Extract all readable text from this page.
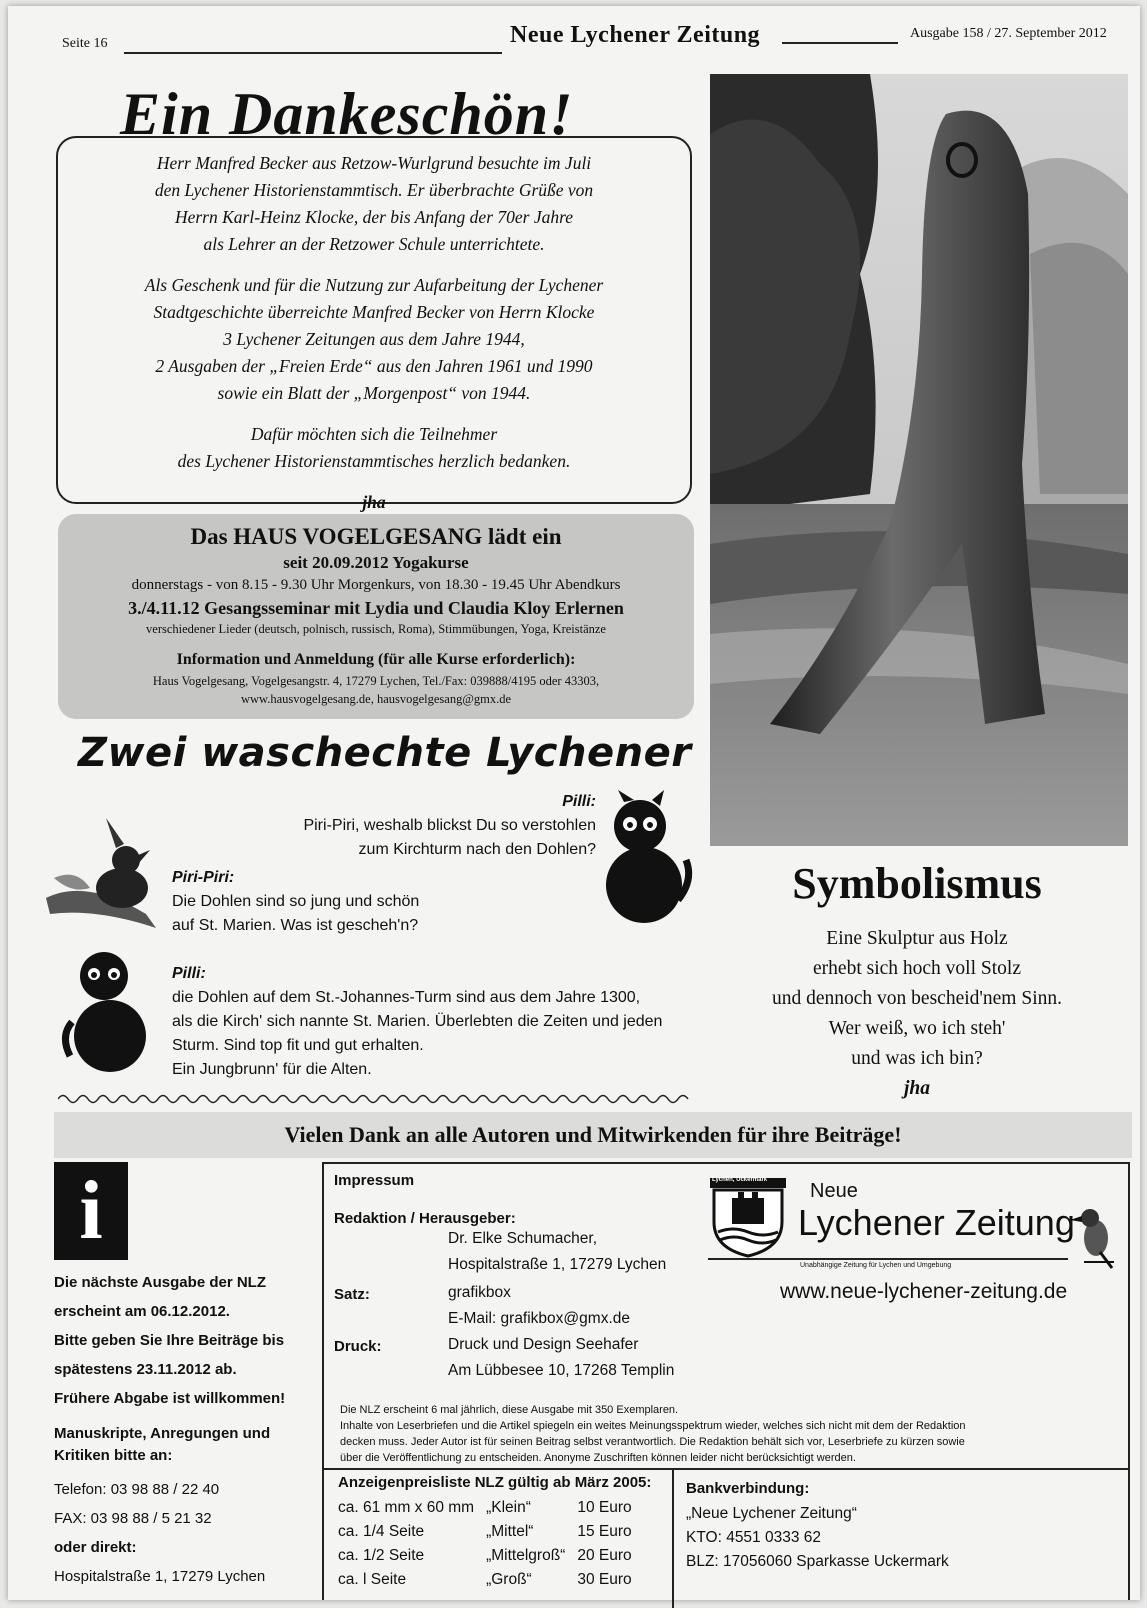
Seite 16	Neue Lychener Zeitung	Ausgabe 158 / 27. September 2012
Ein Dankeschön!

Herr Manfred Becker aus Retzow-Wurlgrund besuchte im Juli
den Lychener Historienstammtisch. Er überbrachte Grüße von
Herrn Karl-Heinz Klocke, der bis Anfang der 70er Jahre
als Lehrer an der Retzower Schule unterrichtete.

Als Geschenk und für die Nutzung zur Aufarbeitung der Lychener
Stadtgeschichte überreichte Manfred Becker von Herrn Klocke
3 Lychener Zeitungen aus dem Jahre 1944,
2 Ausgaben der „Freien Erde“ aus den Jahren 1961 und 1990
sowie ein Blatt der „Morgenpost“ von 1944.

Dafür möchten sich die Teilnehmer
des Lychener Historienstammtisches herzlich bedanken.

jha

Das HAUS VOGELGESANG lädt ein
seit 20.09.2012 Yogakurse
donnerstags - von 8.15 - 9.30 Uhr Morgenkurs, von 18.30 - 19.45 Uhr Abendkurs
3./4.11.12 Gesangsseminar mit Lydia und Claudia Kloy Erlernen
verschiedener Lieder (deutsch, polnisch, russisch, Roma), Stimmübungen, Yoga, Kreistänze
Information und Anmeldung (für alle Kurse erforderlich):
Haus Vogelgesang, Vogelgesangstr. 4, 17279 Lychen, Tel./Fax: 039888/4195 oder 43303,
www.hausvogelgesang.de, hausvogelgesang@gmx.de
Zwei waschechte Lychener
Pilli:
Piri-Piri, weshalb blickst Du so verstohlen
zum Kirchturm nach den Dohlen?
Piri-Piri:
Die Dohlen sind so jung und schön
auf St. Marien. Was ist gescheh'n?
Pilli:
die Dohlen auf dem St.-Johannes-Turm sind aus dem Jahre 1300,
als die Kirch' sich nannte St. Marien. Überlebten die Zeiten und jeden
Sturm. Sind top fit und gut erhalten.
Ein Jungbrunn' für die Alten.
Symbolismus
Eine Skulptur aus Holz
erhebt sich hoch voll Stolz
und dennoch von bescheid'nem Sinn.
Wer weiß, wo ich steh'
und was ich bin?
jha
Vielen Dank an alle Autoren und Mitwirkenden für ihre Beiträge!
i

Die nächste Ausgabe der NLZ
erscheint am 06.12.2012.
Bitte geben Sie Ihre Beiträge bis
spätestens 23.11.2012 ab.
Frühere Abgabe ist willkommen!

Manuskripte, Anregungen und
Kritiken bitte an:

Telefon: 03 98 88 / 22 40
FAX: 03 98 88 / 5 21 32
oder direkt:
Hospitalstraße 1, 17279 Lychen
Impressum
Redaktion / Herausgeber:
Dr. Elke Schumacher,
Hospitalstraße 1, 17279 Lychen
Satz:	grafikbox
E-Mail: grafikbox@gmx.de
Druck:	Druck und Design Seehafer
Am Lübbesee 10, 17268 Templin
Lychen, Uckermark Neue
Lychener Zeitung
Unabhängige Zeitung für Lychen und Umgebung
www.neue-lychener-zeitung.de
Die NLZ erscheint 6 mal jährlich, diese Ausgabe mit 350 Exemplaren.
Inhalte von Leserbriefen und die Artikel spiegeln ein weites Meinungsspektrum wieder, welches sich nicht mit dem der Redaktion
decken muss. Jeder Autor ist für seinen Beitrag selbst verantwortlich. Die Redaktion behält sich vor, Leserbriefe zu kürzen sowie
über die Veröffentlichung zu entscheiden. Anonyme Zuschriften können leider nicht berücksichtigt werden.
Anzeigenpreisliste NLZ gültig ab März 2005:
ca. 61 mm x 60 mm	„Klein“	10 Euro
ca. 1/4 Seite	„Mittel“	15 Euro
ca. 1/2 Seite	„Mittelgroß“	20 Euro
ca. l Seite	„Groß“	30 Euro
Bankverbindung:
„Neue Lychener Zeitung“
KTO: 4551 0333 62
BLZ: 17056060 Sparkasse Uckermark
